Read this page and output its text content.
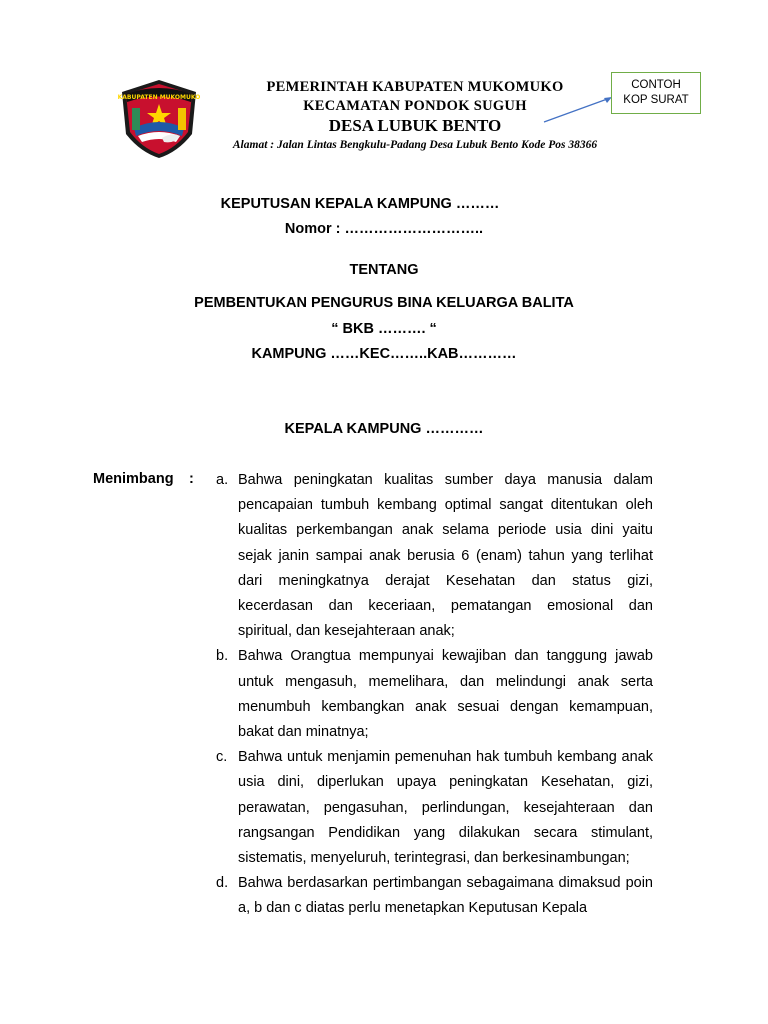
KABUPATEN MUKOMUKO
PEMERINTAH KABUPATEN MUKOMUKO
KECAMATAN PONDOK SUGUH
DESA LUBUK BENTO
Alamat : Jalan Lintas Bengkulu-Padang Desa Lubuk Bento Kode Pos 38366
CONTOH
KOP SURAT
KEPUTUSAN KEPALA KAMPUNG ………
Nomor : ………………………..
TENTANG
PEMBENTUKAN PENGURUS BINA KELUARGA BALITA
“ BKB ………. “
KAMPUNG ……KEC……..KAB…………
KEPALA KAMPUNG …………
Menimbang :	a. Bahwa peningkatan kualitas sumber daya manusia dalam pencapaian tumbuh kembang optimal sangat ditentukan oleh kualitas perkembangan anak selama periode usia dini yaitu sejak janin sampai anak berusia 6 (enam) tahun yang terlihat dari meningkatnya derajat Kesehatan dan status gizi, kecerdasan dan keceriaan, pematangan emosional dan spiritual, dan kesejahteraan anak;
b. Bahwa Orangtua mempunyai kewajiban dan tanggung jawab untuk mengasuh, memelihara, dan melindungi anak serta menumbuh kembangkan anak sesuai dengan kemampuan, bakat dan minatnya;
c. Bahwa untuk menjamin pemenuhan hak tumbuh kembang anak usia dini, diperlukan upaya peningkatan Kesehatan, gizi, perawatan, pengasuhan, perlindungan, kesejahteraan dan rangsangan Pendidikan yang dilakukan secara stimulant, sistematis, menyeluruh, terintegrasi, dan berkesinambungan;
d. Bahwa berdasarkan pertimbangan sebagaimana dimaksud poin a, b dan c diatas perlu menetapkan Keputusan Kepala
